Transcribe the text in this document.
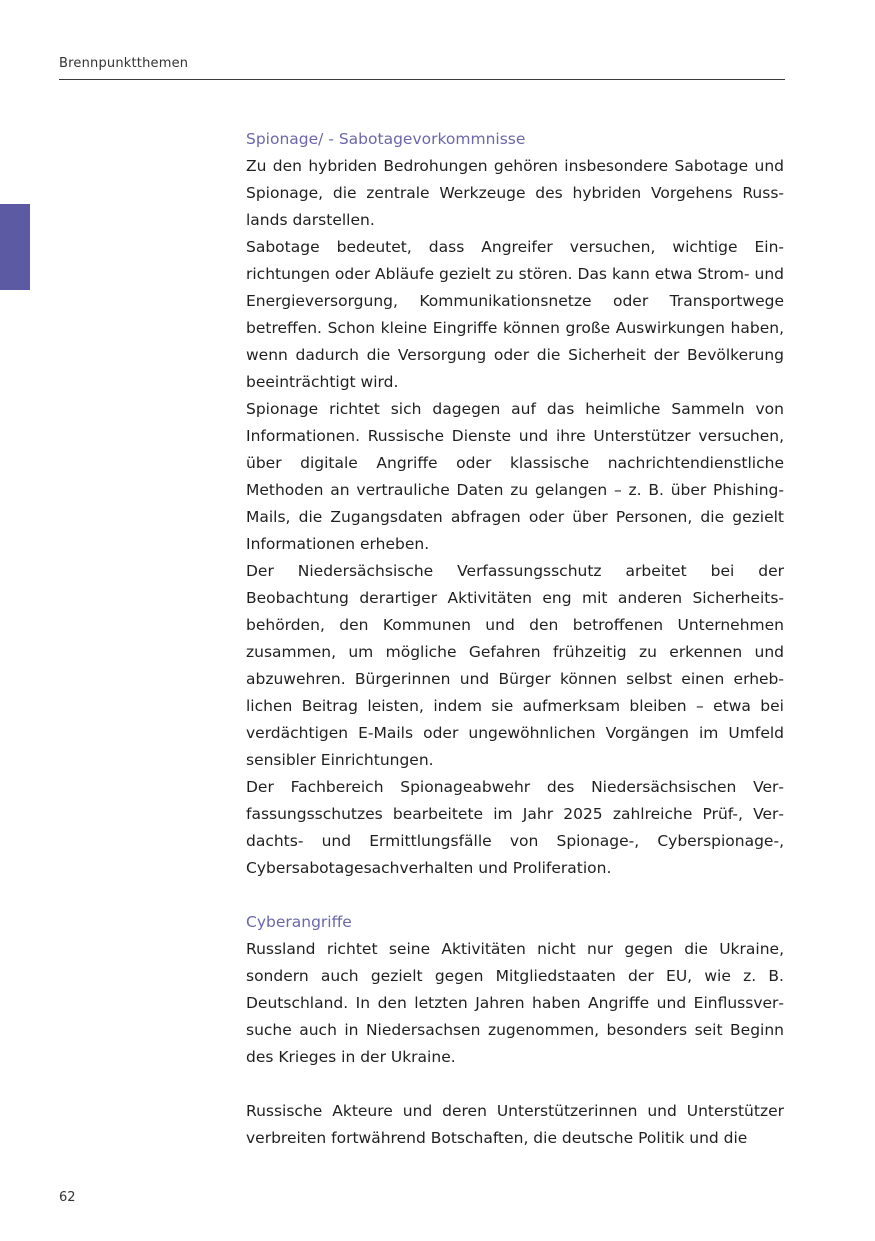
Brennpunktthemen
Spionage/ - Sabotagevorkommnisse

Zu den hybriden Bedrohungen gehören insbesondere Sabotage und Spionage, die zentrale Werkzeuge des hybriden Vorgehens Russlands darstellen.

Sabotage bedeutet, dass Angreifer versuchen, wichtige Einrichtungen oder Abläufe gezielt zu stören. Das kann etwa Strom- und Energieversorgung, Kommunikationsnetze oder Transportwege betreffen. Schon kleine Eingriffe können große Auswirkungen haben, wenn dadurch die Versorgung oder die Sicherheit der Bevölkerung beeinträchtigt wird.

Spionage richtet sich dagegen auf das heimliche Sammeln von Informationen. Russische Dienste und ihre Unterstützer versuchen, über digitale Angriffe oder klassische nachrichtendienstliche Methoden an vertrauliche Daten zu gelangen – z. B. über Phishing-Mails, die Zugangsdaten abfragen oder über Personen, die gezielt Informationen erheben.

Der Niedersächsische Verfassungsschutz arbeitet bei der Beobachtung derartiger Aktivitäten eng mit anderen Sicherheitsbehörden, den Kommunen und den betroffenen Unternehmen zusammen, um mögliche Gefahren frühzeitig zu erkennen und abzuwehren. Bürgerinnen und Bürger können selbst einen erheblichen Beitrag leisten, indem sie aufmerksam bleiben – etwa bei verdächtigen E-Mails oder ungewöhnlichen Vorgängen im Umfeld sensibler Einrichtungen.

Der Fachbereich Spionageabwehr des Niedersächsischen Verfassungsschutzes bearbeitete im Jahr 2025 zahlreiche Prüf-, Verdachts- und Ermittlungsfälle von Spionage-, Cyberspionage-, Cybersabotagesachverhalten und Proliferation.

Cyberangriffe

Russland richtet seine Aktivitäten nicht nur gegen die Ukraine, sondern auch gezielt gegen Mitgliedstaaten der EU, wie z. B. Deutschland. In den letzten Jahren haben Angriffe und Einflussversuche auch in Niedersachsen zugenommen, besonders seit Beginn des Krieges in der Ukraine.

Russische Akteure und deren Unterstützerinnen und Unterstützer verbreiten fortwährend Botschaften, die deutsche Politik und die

62
